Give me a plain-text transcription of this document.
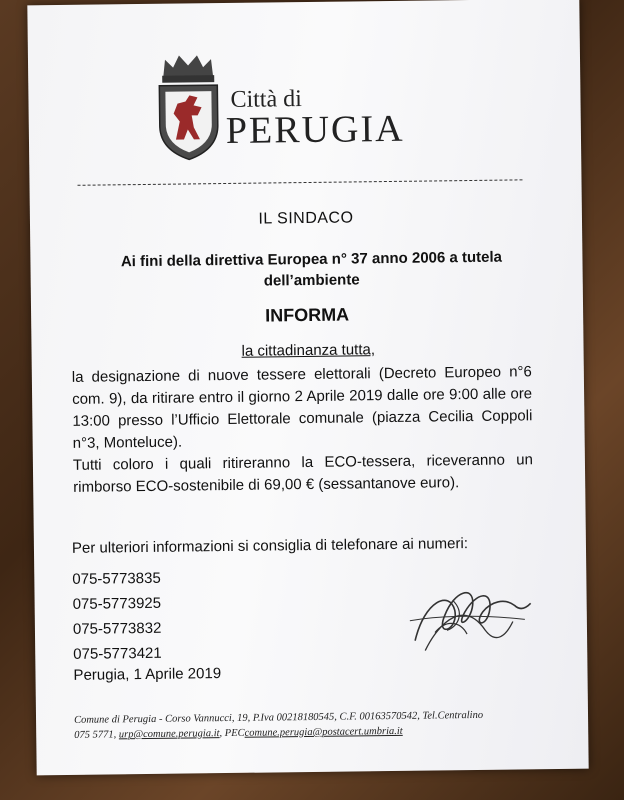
Città di
PERUGIA
IL SINDACO
Ai fini della direttiva Europea n° 37 anno 2006 a tutela dell’ambiente
INFORMA
la cittadinanza tutta,
la designazione di nuove tessere elettorali (Decreto Europeo n°6 com. 9), da ritirare entro il giorno 2 Aprile 2019 dalle ore 9:00 alle ore 13:00 presso l’Ufficio Elettorale comunale (piazza Cecilia Coppoli n°3, Monteluce).
Tutti coloro i quali ritireranno la ECO-tessera, riceveranno un rimborso ECO-sostenibile di 69,00 € (sessantanove euro).
Per ulteriori informazioni si consiglia di telefonare ai numeri:
075-5773835
075-5773925
075-5773832
075-5773421
Perugia, 1 Aprile 2019
Comune di Perugia - Corso Vannucci, 19, P.Iva 00218180545, C.F. 00163570542, Tel.Centralino
075 5771, urp@comune.perugia.it, PECcomune.perugia@postacert.umbria.it
